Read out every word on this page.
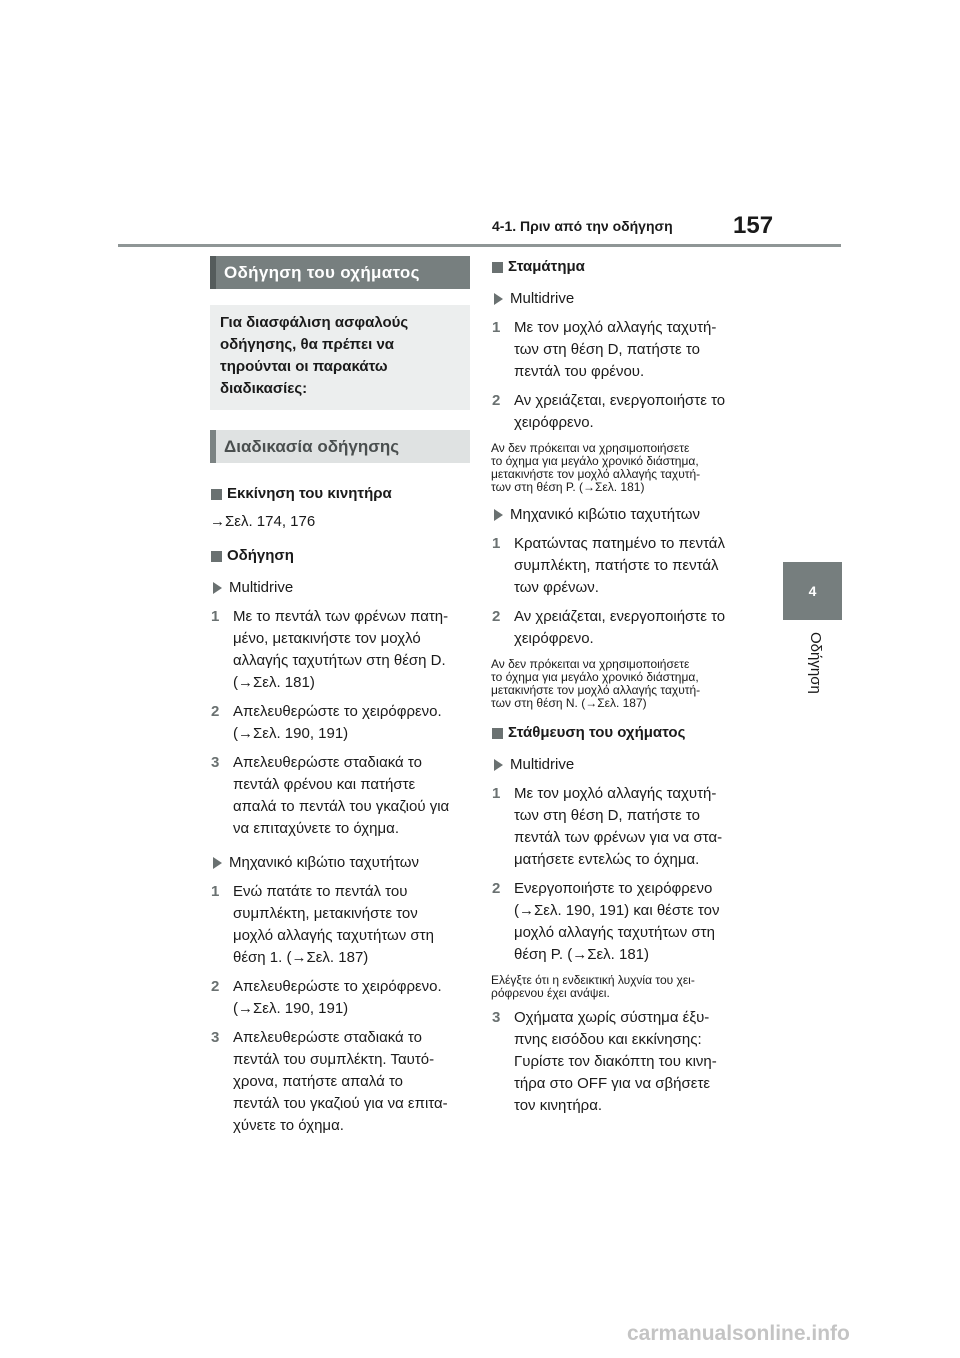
4-1. Πριν από την οδήγηση	157
4
Οδήγηση
Οδήγηση του οχήματος
Για διασφάλιση ασφαλούς οδήγησης, θα πρέπει να τηρούνται οι παρακάτω διαδικασίες:
Διαδικασία οδήγησης
Εκκίνηση του κινητήρα
→Σελ. 174, 176
Οδήγηση
Multidrive
1 Με το πεντάλ των φρένων πατη-
μένο, μετακινήστε τον μοχλό
αλλαγής ταχυτήτων στη θέση D.
(→Σελ. 181)
2 Απελευθερώστε το χειρόφρενο.
(→Σελ. 190, 191)
3 Απελευθερώστε σταδιακά το
πεντάλ φρένου και πατήστε
απαλά το πεντάλ του γκαζιού για
να επιταχύνετε το όχημα.
Μηχανικό κιβώτιο ταχυτήτων
1 Ενώ πατάτε το πεντάλ του
συμπλέκτη, μετακινήστε τον
μοχλό αλλαγής ταχυτήτων στη
θέση 1. (→Σελ. 187)
2 Απελευθερώστε το χειρόφρενο.
(→Σελ. 190, 191)
3 Απελευθερώστε σταδιακά το
πεντάλ του συμπλέκτη. Ταυτό-
χρονα, πατήστε απαλά το
πεντάλ του γκαζιού για να επιτα-
χύνετε το όχημα.
Σταμάτημα
Multidrive
1 Με τον μοχλό αλλαγής ταχυτή-
των στη θέση D, πατήστε το
πεντάλ του φρένου.
2 Αν χρειάζεται, ενεργοποιήστε το
χειρόφρενο.
Αν δεν πρόκειται να χρησιμοποιήσετε
το όχημα για μεγάλο χρονικό διάστημα,
μετακινήστε τον μοχλό αλλαγής ταχυτή-
των στη θέση P. (→Σελ. 181)
Μηχανικό κιβώτιο ταχυτήτων
1 Κρατώντας πατημένο το πεντάλ
συμπλέκτη, πατήστε το πεντάλ
των φρένων.
2 Αν χρειάζεται, ενεργοποιήστε το
χειρόφρενο.
Αν δεν πρόκειται να χρησιμοποιήσετε
το όχημα για μεγάλο χρονικό διάστημα,
μετακινήστε τον μοχλό αλλαγής ταχυτή-
των στη θέση N. (→Σελ. 187)
Στάθμευση του οχήματος
Multidrive
1 Με τον μοχλό αλλαγής ταχυτή-
των στη θέση D, πατήστε το
πεντάλ των φρένων για να στα-
ματήσετε εντελώς το όχημα.
2 Ενεργοποιήστε το χειρόφρενο
(→Σελ. 190, 191) και θέστε τον
μοχλό αλλαγής ταχυτήτων στη
θέση P. (→Σελ. 181)
Ελέγξτε ότι η ενδεικτική λυχνία του χει-
ρόφρενου έχει ανάψει.
3 Οχήματα χωρίς σύστημα έξυ-
πνης εισόδου και εκκίνησης:
Γυρίστε τον διακόπτη του κινη-
τήρα στο OFF για να σβήσετε
τον κινητήρα.
carmanualsonline.info
